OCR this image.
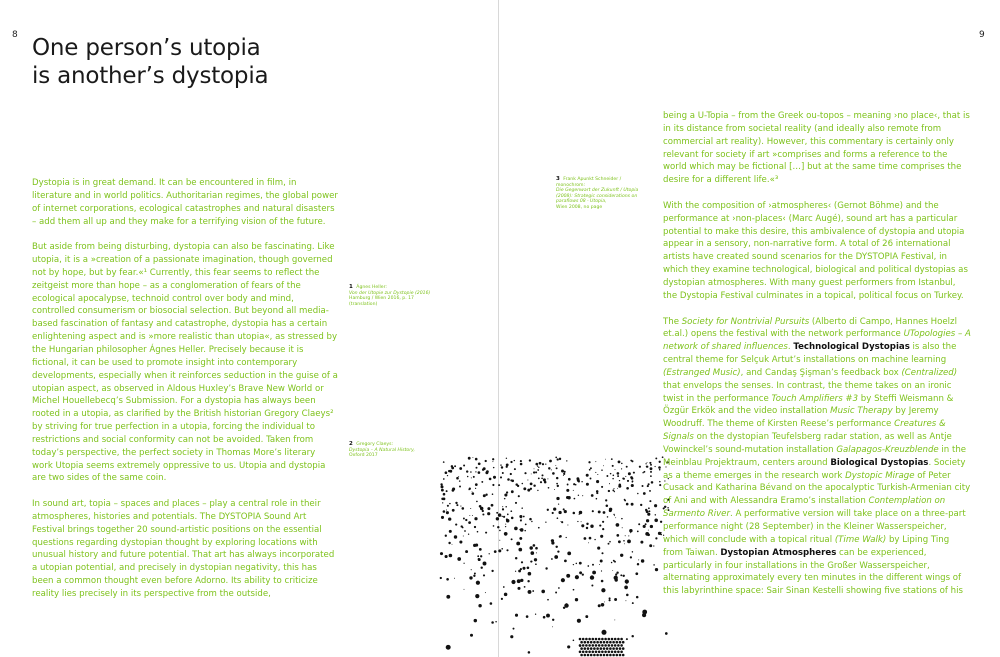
8	9
One person’s utopia
is another’s dystopia

Dystopia is in great demand. It can be encountered in film, in literature and in world politics. Authoritarian regimes, the global power of internet corporations, ecological catastrophes and natural disasters – add them all up and they make for a terrifying vision of the future.

But aside from being disturbing, dystopia can also be fascinating. Like utopia, it is a »creation of a passionate imagination, though governed not by hope, but by fear.«¹ Currently, this fear seems to reflect the zeitgeist more than hope – as a conglomeration of fears of the ecological apocalypse, technoid control over body and mind, controlled consumerism or biosocial selection. But beyond all media-based fascination of fantasy and catastrophe, dystopia has a certain enlightening aspect and is »more realistic than utopia«, as stressed by the Hungarian philosopher Ágnes Heller. Precisely because it is fictional, it can be used to promote insight into contemporary developments, especially when it reinforces seduction in the guise of a utopian aspect, as observed in Aldous Huxley’s Brave New World or Michel Houellebecq’s Submission. For a dystopia has always been rooted in a utopia, as clarified by the British historian Gregory Claeys² by striving for true perfection in a utopia, forcing the individual to restrictions and social conformity can not be avoided. Taken from today’s perspective, the perfect society in Thomas More’s literary work Utopia seems extremely oppressive to us. Utopia and dystopia are two sides of the same coin.

In sound art, topia – spaces and places – play a central role in their atmospheres, histories and potentials. The DYSTOPIA Sound Art Festival brings together 20 sound-artistic positions on the essential questions regarding dystopian thought by exploring locations with unusual history and future potential. That art has always incorporated a utopian potential, and precisely in dystopian negativity, this has been a common thought even before Adorno. Its ability to criticize reality lies precisely in its perspective from the outside,

1 Ágnes Heller:
Von der Utopie zur Dystopie (2016)
Hamburg / Wien 2016, p. 17 (translation)
2 Gregory Claeys:
Dystopia – A Natural History,
Oxford 2017
3 Frank Apunkt Schneider / monochrom:
Die Gegenwart der Zukunft / Utopia (2008): Strategic considerations on paraflows 08 · Utopia,
Wien 2008, no page

being a U-Topia – from the Greek ou-topos – meaning ›no place‹, that is in its distance from societal reality (and ideally also remote from commercial art reality). However, this commentary is certainly only relevant for society if art »comprises and forms a reference to the world which may be fictional […] but at the same time comprises the desire for a different life.«³

With the composition of ›atmospheres‹ (Gernot Böhme) and the performance at ›non-places‹ (Marc Augé), sound art has a particular potential to make this desire, this ambivalence of dystopia and utopia appear in a sensory, non-narrative form. A total of 26 international artists have created sound scenarios for the DYSTOPIA Festival, in which they examine technological, biological and political dystopias as dystopian atmospheres. With many guest performers from Istanbul, the Dystopia Festival culminates in a topical, political focus on Turkey.

The Society for Nontrivial Pursuits (Alberto di Campo, Hannes Hoelzl et.al.) opens the festival with the network performance UTopologies – A network of shared influences. Technological Dystopias is also the central theme for Selçuk Artut’s installations on machine learning (Estranged Music), and Candaş Şişman’s feedback box (Centralized) that envelops the senses. In contrast, the theme takes on an ironic twist in the performance Touch Amplifiers #3 by Steffi Weismann & Özgür Erkök and the video installation Music Therapy by Jeremy Woodruff. The theme of Kirsten Reese’s performance Creatures & Signals on the dystopian Teufelsberg radar station, as well as Antje Vowinckel’s sound-mutation installation Galapagos-Kreuzblende in the Meinblau Projektraum, centers around Biological Dystopias. Society as a theme emerges in the research work Dystopic Mirage of Peter Cusack and Katharina Bévand on the apocalyptic Turkish-Armenian city of Ani and with Alessandra Eramo’s installation Contemplation on Sarmento River. A performative version will take place on a three-part performance night (28 September) in the Kleiner Wasserspeicher, which will conclude with a topical ritual (Time Walk) by Liping Ting from Taiwan. Dystopian Atmospheres can be experienced, particularly in four installations in the Großer Wasserspeicher, alternating approximately every ten minutes in the different wings of this labyrinthine space: Sair Sinan Kestelli showing five stations of his
